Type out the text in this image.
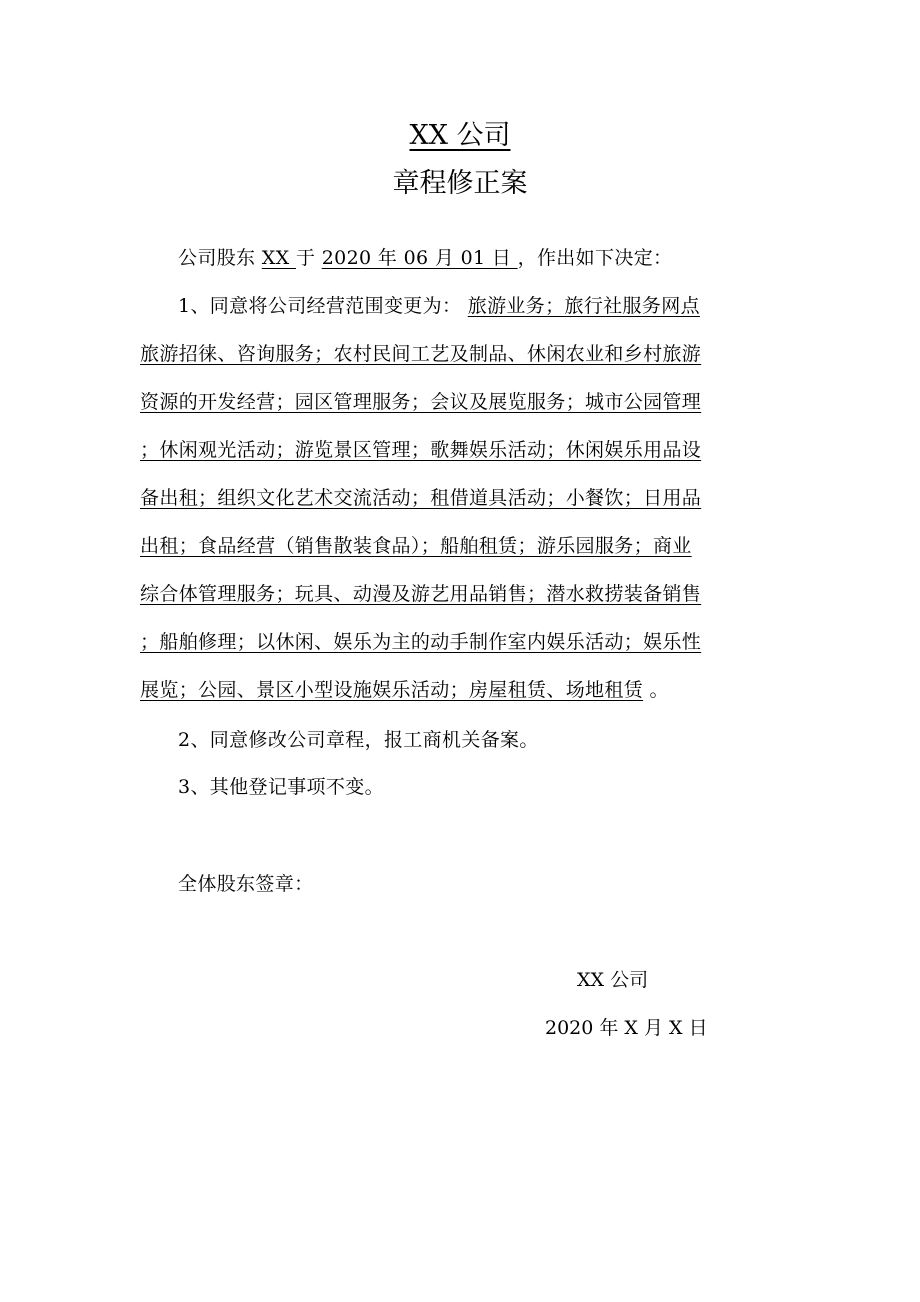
XX 公司
章程修正案
公司股东 XX 于 2020 年 06 月 01 日 ，作出如下决定：
1、同意将公司经营范围变更为： 旅游业务；旅行社服务网点
旅游招徕、咨询服务；农村民间工艺及制品、休闲农业和乡村旅游
资源的开发经营；园区管理服务；会议及展览服务；城市公园管理
；休闲观光活动；游览景区管理；歌舞娱乐活动；休闲娱乐用品设
备出租；组织文化艺术交流活动；租借道具活动；小餐饮；日用品
出租；食品经营（销售散装食品）；船舶租赁；游乐园服务；商业
综合体管理服务；玩具、动漫及游艺用品销售；潜水救捞装备销售
；船舶修理；以休闲、娱乐为主的动手制作室内娱乐活动；娱乐性
展览；公园、景区小型设施娱乐活动；房屋租赁、场地租赁 。
2、同意修改公司章程，报工商机关备案。
3、其他登记事项不变。
全体股东签章：
XX 公司
2020 年 X 月 X 日
